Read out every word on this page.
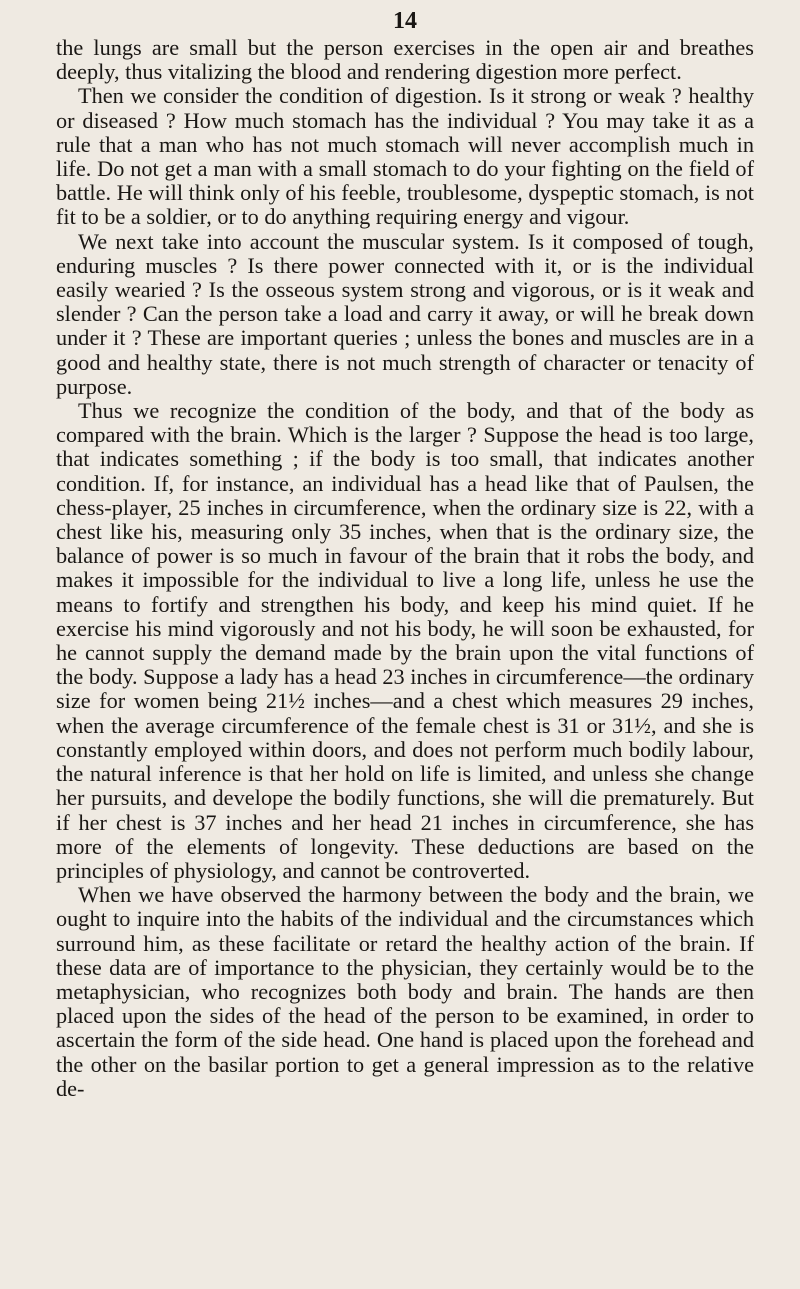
14

the lungs are small but the person exercises in the open air and breathes deeply, thus vitalizing the blood and rendering digestion more perfect.

Then we consider the condition of digestion. Is it strong or weak ? healthy or diseased ? How much stomach has the individual ? You may take it as a rule that a man who has not much stomach will never accomplish much in life. Do not get a man with a small stomach to do your fighting on the field of battle. He will think only of his feeble, troublesome, dyspeptic stomach, is not fit to be a soldier, or to do anything requiring energy and vigour.

We next take into account the muscular system. Is it composed of tough, enduring muscles ? Is there power connected with it, or is the individual easily wearied ? Is the osseous system strong and vigorous, or is it weak and slender ? Can the person take a load and carry it away, or will he break down under it ? These are important queries ; unless the bones and muscles are in a good and healthy state, there is not much strength of character or tenacity of purpose.

Thus we recognize the condition of the body, and that of the body as compared with the brain. Which is the larger ? Suppose the head is too large, that indicates something ; if the body is too small, that indicates another condition. If, for instance, an individual has a head like that of Paulsen, the chess-player, 25 inches in circumference, when the ordinary size is 22, with a chest like his, measuring only 35 inches, when that is the ordinary size, the balance of power is so much in favour of the brain that it robs the body, and makes it impossible for the individual to live a long life, unless he use the means to fortify and strengthen his body, and keep his mind quiet. If he exercise his mind vigorously and not his body, he will soon be exhausted, for he cannot supply the demand made by the brain upon the vital functions of the body. Suppose a lady has a head 23 inches in circumference—the ordinary size for women being 21½ inches—and a chest which measures 29 inches, when the average circumference of the female chest is 31 or 31½, and she is constantly employed within doors, and does not perform much bodily labour, the natural inference is that her hold on life is limited, and unless she change her pursuits, and develope the bodily functions, she will die prematurely. But if her chest is 37 inches and her head 21 inches in circumference, she has more of the elements of longevity. These deductions are based on the principles of physiology, and cannot be controverted.

When we have observed the harmony between the body and the brain, we ought to inquire into the habits of the individual and the circumstances which surround him, as these facilitate or retard the healthy action of the brain. If these data are of importance to the physician, they certainly would be to the metaphysician, who recognizes both body and brain. The hands are then placed upon the sides of the head of the person to be examined, in order to ascertain the form of the side head. One hand is placed upon the forehead and the other on the basilar portion to get a general impression as to the relative de-
